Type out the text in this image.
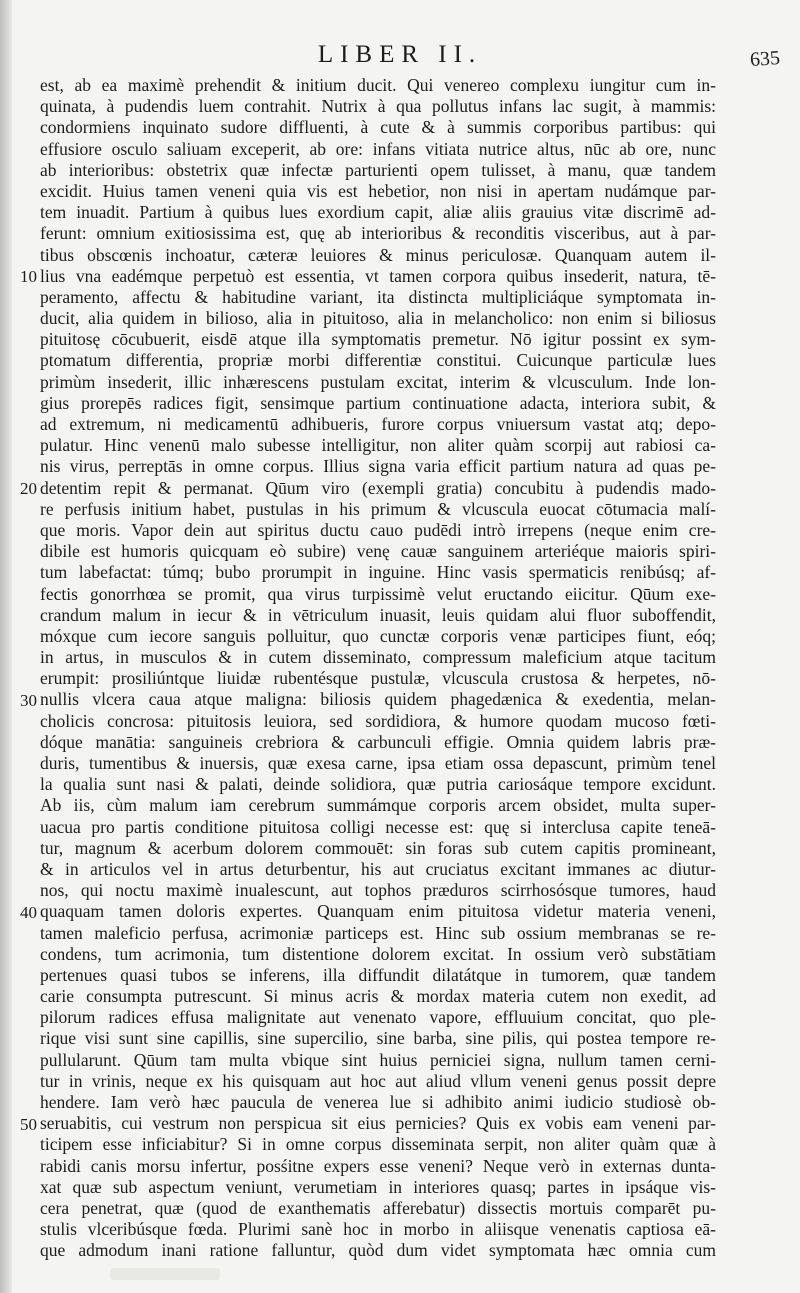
LIBER II.	635
10
20
30
40
50
est, ab ea maximè prehendit & initium ducit. Qui venereo complexu iungitur cum in-
quinata, à pudendis luem contrahit. Nutrix à qua pollutus infans lac sugit, à mammis:
condormiens inquinato sudore diffluenti, à cute & à summis corporibus partibus: qui
effusiore osculo saliuam exceperit, ab ore: infans vitiata nutrice altus, nūc ab ore, nunc
ab interioribus: obstetrix quæ infectæ parturienti opem tulisset, à manu, quæ tandem
excidit. Huius tamen veneni quia vis est hebetior, non nisi in apertam nudámque par-
tem inuadit. Partium à quibus lues exordium capit, aliæ aliis grauius vitæ discrimē ad-
ferunt: omnium exitiosissima est, quę ab interioribus & reconditis visceribus, aut à par-
tibus obscœnis inchoatur, cæteræ leuiores & minus periculosæ. Quanquam autem il-
lius vna eadémque perpetuò est essentia, vt tamen corpora quibus insederit, natura, tē-
peramento, affectu & habitudine variant, ita distincta multipliciáque symptomata in-
ducit, alia quidem in bilioso, alia in pituitoso, alia in melancholico: non enim si biliosus
pituitosę cōcubuerit, eisdē atque illa symptomatis premetur. Nō igitur possint ex sym-
ptomatum differentia, propriæ morbi differentiæ constitui. Cuicunque particulæ lues
primùm insederit, illic inhærescens pustulam excitat, interim & vlcusculum. Inde lon-
gius prorepēs radices figit, sensimque partium continuatione adacta, interiora subit, &
ad extremum, ni medicamentū adhibueris, furore corpus vniuersum vastat atq; depo-
pulatur. Hinc venenū malo subesse intelligitur, non aliter quàm scorpij aut rabiosi ca-
nis virus, perreptās in omne corpus. Illius signa varia efficit partium natura ad quas pe-
detentim repit & permanat. Qūum viro (exempli gratia) concubitu à pudendis mado-
re perfusis initium habet, pustulas in his primum & vlcuscula euocat cōtumacia malí-
que moris. Vapor dein aut spiritus ductu cauo pudēdi intrò irrepens (neque enim cre-
dibile est humoris quicquam eò subire) venę cauæ sanguinem arteriéque maioris spiri-
tum labefactat: túmq; bubo prorumpit in inguine. Hinc vasis spermaticis renibúsq; af-
fectis gonorrhœa se promit, qua virus turpissimè velut eructando eiicitur. Qūum exe-
crandum malum in iecur & in vētriculum inuasit, leuis quidam alui fluor suboffendit,
móxque cum iecore sanguis polluitur, quo cunctæ corporis venæ participes fiunt, eóq;
in artus, in musculos & in cutem disseminato, compressum maleficium atque tacitum
erumpit: prosiliúntque liuidæ rubentésque pustulæ, vlcuscula crustosa & herpetes, nō-
nullis vlcera caua atque maligna: biliosis quidem phagedænica & exedentia, melan-
cholicis concrosa: pituitosis leuiora, sed sordidiora, & humore quodam mucoso fœti-
dóque manātia: sanguineis crebriora & carbunculi effigie. Omnia quidem labris præ-
duris, tumentibus & inuersis, quæ exesa carne, ipsa etiam ossa depascunt, primùm tenel
la qualia sunt nasi & palati, deinde solidiora, quæ putria cariosáque tempore excidunt.
Ab iis, cùm malum iam cerebrum summámque corporis arcem obsidet, multa super-
uacua pro partis conditione pituitosa colligi necesse est: quę si interclusa capite teneā-
tur, magnum & acerbum dolorem commouēt: sin foras sub cutem capitis promineant,
& in articulos vel in artus deturbentur, his aut cruciatus excitant immanes ac diutur-
nos, qui noctu maximè inualescunt, aut tophos præduros scirrhosósque tumores, haud
quaquam tamen doloris expertes. Quanquam enim pituitosa videtur materia veneni,
tamen maleficio perfusa, acrimoniæ particeps est. Hinc sub ossium membranas se re-
condens, tum acrimonia, tum distentione dolorem excitat. In ossium verò substātiam
pertenues quasi tubos se inferens, illa diffundit dilatátque in tumorem, quæ tandem
carie consumpta putrescunt. Si minus acris & mordax materia cutem non exedit, ad
pilorum radices effusa malignitate aut venenato vapore, effluuium concitat, quo ple-
rique visi sunt sine capillis, sine supercilio, sine barba, sine pilis, qui postea tempore re-
pullularunt. Qūum tam multa vbique sint huius perniciei signa, nullum tamen cerni-
tur in vrinis, neque ex his quisquam aut hoc aut aliud vllum veneni genus possit depre
hendere. Iam verò hæc paucula de venerea lue si adhibito animi iudicio studiosè ob-
seruabitis, cui vestrum non perspicua sit eius pernicies? Quis ex vobis eam veneni par-
ticipem esse inficiabitur? Si in omne corpus disseminata serpit, non aliter quàm quæ à
rabidi canis morsu infertur, posśitne expers esse veneni? Neque verò in externas dunta-
xat quæ sub aspectum veniunt, verumetiam in interiores quasq; partes in ipsáque vis-
cera penetrat, quæ (quod de exanthematis afferebatur) dissectis mortuis comparēt pu-
stulis vlceribúsque fœda. Plurimi sanè hoc in morbo in aliisque venenatis captiosa eā-
que admodum inani ratione falluntur, quòd dum videt symptomata hæc omnia cum
